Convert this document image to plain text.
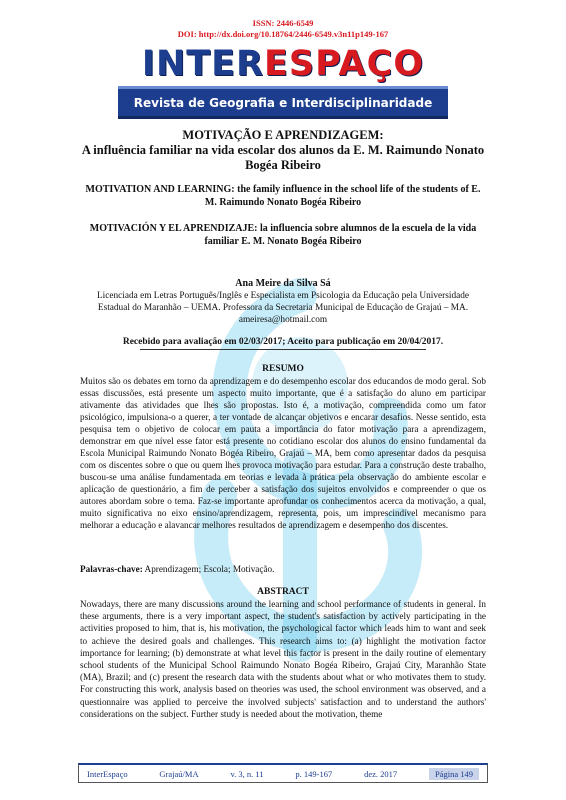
ISSN: 2446-6549
DOI: http://dx.doi.org/10.18764/2446-6549.v3n11p149-167
INTERESPAÇO
Revista de Geografia e Interdisciplinaridade
MOTIVAÇÃO E APRENDIZAGEM:
A influência familiar na vida escolar dos alunos da E. M. Raimundo Nonato Bogéa Ribeiro
MOTIVATION AND LEARNING: the family influence in the school life of the students of E. M. Raimundo Nonato Bogéa Ribeiro
MOTIVACIÓN Y EL APRENDIZAJE: la influencia sobre alumnos de la escuela de la vida familiar E. M. Nonato Bogéa Ribeiro
Ana Meire da Silva Sá
Licenciada em Letras Português/Inglês e Especialista em Psicologia da Educação pela Universidade Estadual do Maranhão – UEMA. Professora da Secretaria Municipal de Educação de Grajaú – MA.
ameiresa@hotmail.com
Recebido para avaliação em 02/03/2017; Aceito para publicação em 20/04/2017.
RESUMO
Muitos são os debates em torno da aprendizagem e do desempenho escolar dos educandos de modo geral. Sob essas discussões, está presente um aspecto muito importante, que é a satisfação do aluno em participar ativamente das atividades que lhes são propostas. Isto é, a motivação, compreendida como um fator psicológico, impulsiona-o a querer, a ter vontade de alcançar objetivos e encarar desafios. Nesse sentido, esta pesquisa tem o objetivo de colocar em pauta a importância do fator motivação para a aprendizagem, demonstrar em que nível esse fator está presente no cotidiano escolar dos alunos do ensino fundamental da Escola Municipal Raimundo Nonato Bogéa Ribeiro, Grajaú – MA, bem como apresentar dados da pesquisa com os discentes sobre o que ou quem lhes provoca motivação para estudar. Para a construção deste trabalho, buscou-se uma análise fundamentada em teorias e levada à prática pela observação do ambiente escolar e aplicação de questionário, a fim de perceber a satisfação dos sujeitos envolvidos e compreender o que os autores abordam sobre o tema. Faz-se importante aprofundar os conhecimentos acerca da motivação, a qual, muito significativa no eixo ensino/aprendizagem, representa, pois, um imprescindível mecanismo para melhorar a educação e alavancar melhores resultados de aprendizagem e desempenho dos discentes.
Palavras-chave: Aprendizagem; Escola; Motivação.
ABSTRACT
Nowadays, there are many discussions around the learning and school performance of students in general. In these arguments, there is a very important aspect, the student's satisfaction by actively participating in the activities proposed to him, that is, his motivation, the psychological factor which leads him to want and seek to achieve the desired goals and challenges. This research aims to: (a) highlight the motivation factor importance for learning; (b) demonstrate at what level this factor is present in the daily routine of elementary school students of the Municipal School Raimundo Nonato Bogéa Ribeiro, Grajaú City, Maranhão State (MA), Brazil; and (c) present the research data with the students about what or who motivates them to study. For constructing this work, analysis based on theories was used, the school environment was observed, and a questionnaire was applied to perceive the involved subjects' satisfaction and to understand the authors' considerations on the subject. Further study is needed about the motivation, theme
InterEspaço	Grajaú/MA	v. 3, n. 11	p. 149-167	dez. 2017	Página 149
